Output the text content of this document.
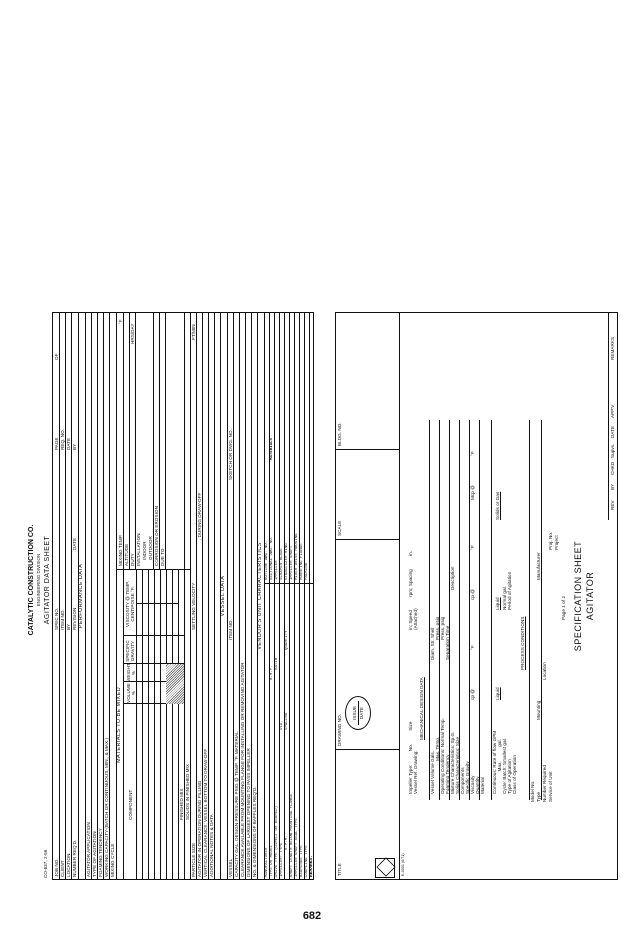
CO-637, 2-56
CATALYTIC CONSTRUCTION CO. ENGINEERING DIVISION AGITATOR DATA SHEET
JOB NO. CLIENT LOCATION NUMBER REQ'D.
SPEC NO. ITEM NO. BY REVISION
PAGE
OF
REQ. NO. DATE
DATE
BY
PERFORMANCE DATA
AGITATOR APPLICATION TYPE OF AGITATION FOAMING TENDENCY WORKING CAPACITY-(BATCH OR CONTINUOUS, MIN., & MAX.) MIXING CYCLE
MATERIALS TO BE MIXED
COMPONENT
VOLUME %
WEIGHT %
SPECIFIC GRAVITY
VISCOSITY @ TEMP. CENTIPOISE °F.
FINISHED MIX SOLIDS IN FINISHED MIX
MIXING TEMP.
°F
ALTITUDE DUTY
HRS/DAY
INSTALLATION INDOOR OUTDOOR CORROSION OR EROSION DUE TO
PARTICLE SIZE
SETTLING VELOCITY
FT/MIN
AGITATOR IN OPERATION DURING FILLING
, DURING DRAW-OFF
VERTICAL CLEARANCE: VESSEL BOTTOM TO DRAW-OFF ADDITIONAL NOTES & DATA
VESSEL DATA
VESSEL
ITEM NO.
SKETCH OR DWG. NO.
CAPACITY GAL. DESIGN PRESSURE PSIG @ TEMP. °F. MATERIAL CLEARANCE AVAILABLE FROM MOUNTING FLANGE FOR INSTALLING OR REMOVING AGITATOR DIMENSIONS OF LARGEST OPENING TO PASS IMPELLER NO. & DIMENSIONS OF BAFFLES REQ'D.
VENDOR'S UNIT CHARACTERISTICS
MANUFACTURER TYPE OR MODEL
B.H.P.
DRIVE TYPE (DIRECT OR GEARED)
RATIO
IMPELLER: TYPE
DIA.
R.P.M.
SPACING
QUANTITY
SHAFT LENGTH BELOW MOUNTING FLANGE IMPELLER SHAFT SEAL TYPE BEARINGS TYPE COUPLING TYPE REMARKS:
OUTLINE DWG. NO. SECTIONAL DWG. NO.
MATERIALS
IMPELLER SCRAPER BLADE STABILIZER RING IMPELLER SHAFT MIXER DRIVE HOUSING MOUNTING FLANGE PACKING
TITLE	K-0001 (6/71)
DRAWING NO.
SCALE
BLDG. NO.
ISSUE DATE
AGITATOR
SPECIFICATION SHEET
Page 1 of 2
Service of Unit
Number Required
Type
Model No.
Location
Mounting
Manufacturer
Project
Proj. No.
PROCESS CONDITIONS
Liquid
Liquid
Solids or Gas
Class of Operation
Type of Agitation
Period of Agitation
Cycle: Batch: Smallest gal.
Normal gal.
Max.           gal.
Continuous: Rate of flow GPM
Material
Quantity
Viscosity
Specific Gravity
Components
Solids Characteristics: Size
Mixture Characteristics: Sp.G.
Description
Foaming Tendency
Separation Time
Operating Conditions: Normal Temp.
Press. psig
Max. Temp.
Press. psig
Vessel Volume Gals.
Diam. Str. Shell
cp @
°F
cp @
°F
Mcp @
°F
MECHANICAL DESIGN DATA
Vessel Ref. Drawing:
(Attached)
Impeller Type:          No.          Size
in; Speed          rpm; Spacing          in.
REMARKS
REV
BY
CHKD
Supvs.
DATE
APP'V
682
